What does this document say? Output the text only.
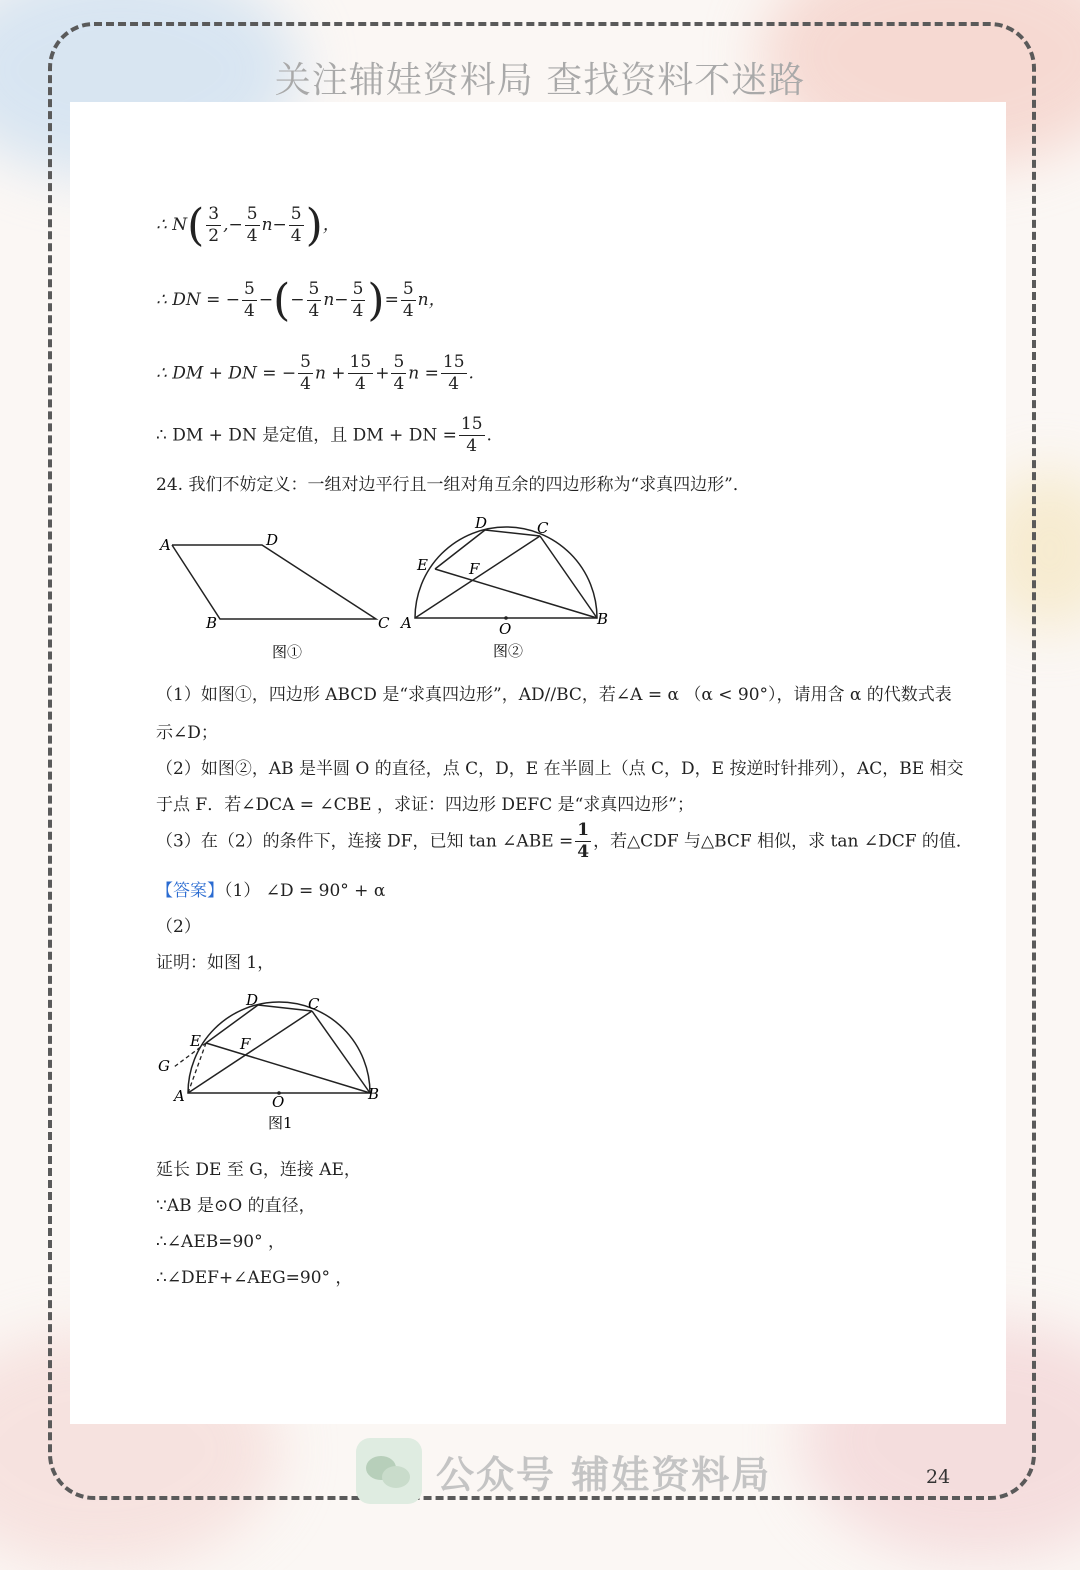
关注辅娃资料局 查找资料不迷路
∴ $N( \frac{3}{2}$ ,− $\frac{5}{4} n- \frac{5}{4}$ )，
∴ DN = − $\frac{5}{4}$ −(− $\frac{5}{4} n- \frac{5}{4}$ )= $\frac{5}{4}$ n，
∴ DM + DN = − $\frac{5}{4}$ $n + \frac{15}{4} + \frac{5}{4}$ $n = \frac{15}{4}$ .
∴ DM + DN 是定值，且 DM + DN = $\frac{15}{4}$ .
24. 我们不妨定义：一组对边平行且一组对角互余的四边形称为“求真四边形”．
A	D
C
B
图①
D	C
E	F
A	B
O
图②
（1）如图①，四边形 ABCD 是“求真四边形”，AD//BC，若∠A = α （α < 90°），请用含 α 的代数式表
示∠D；
（2）如图②，AB 是半圆 O 的直径，点 C，D，E 在半圆上（点 C，D，E 按逆时针排列），AC，BE 相交
于点 F．若∠DCA = ∠CBE ，求证：四边形 DEFC 是“求真四边形”；
（3）在（2）的条件下，连接 DF，已知 tan ∠ABE = $\frac{1}{4}$ ，若△CDF 与△BCF 相似，求 tan ∠DCF 的值．
【答案】（1） ∠D = 90° + α
（2）
证明：如图 1，
D	C
E	F
G
A	B
O
图1
延长 DE 至 G，连接 AE，
∵AB 是⊙O 的直径，
∴∠AEB=90° ，
∴∠DEF+∠AEG=90° ，
公众号 辅娃资料局	24
